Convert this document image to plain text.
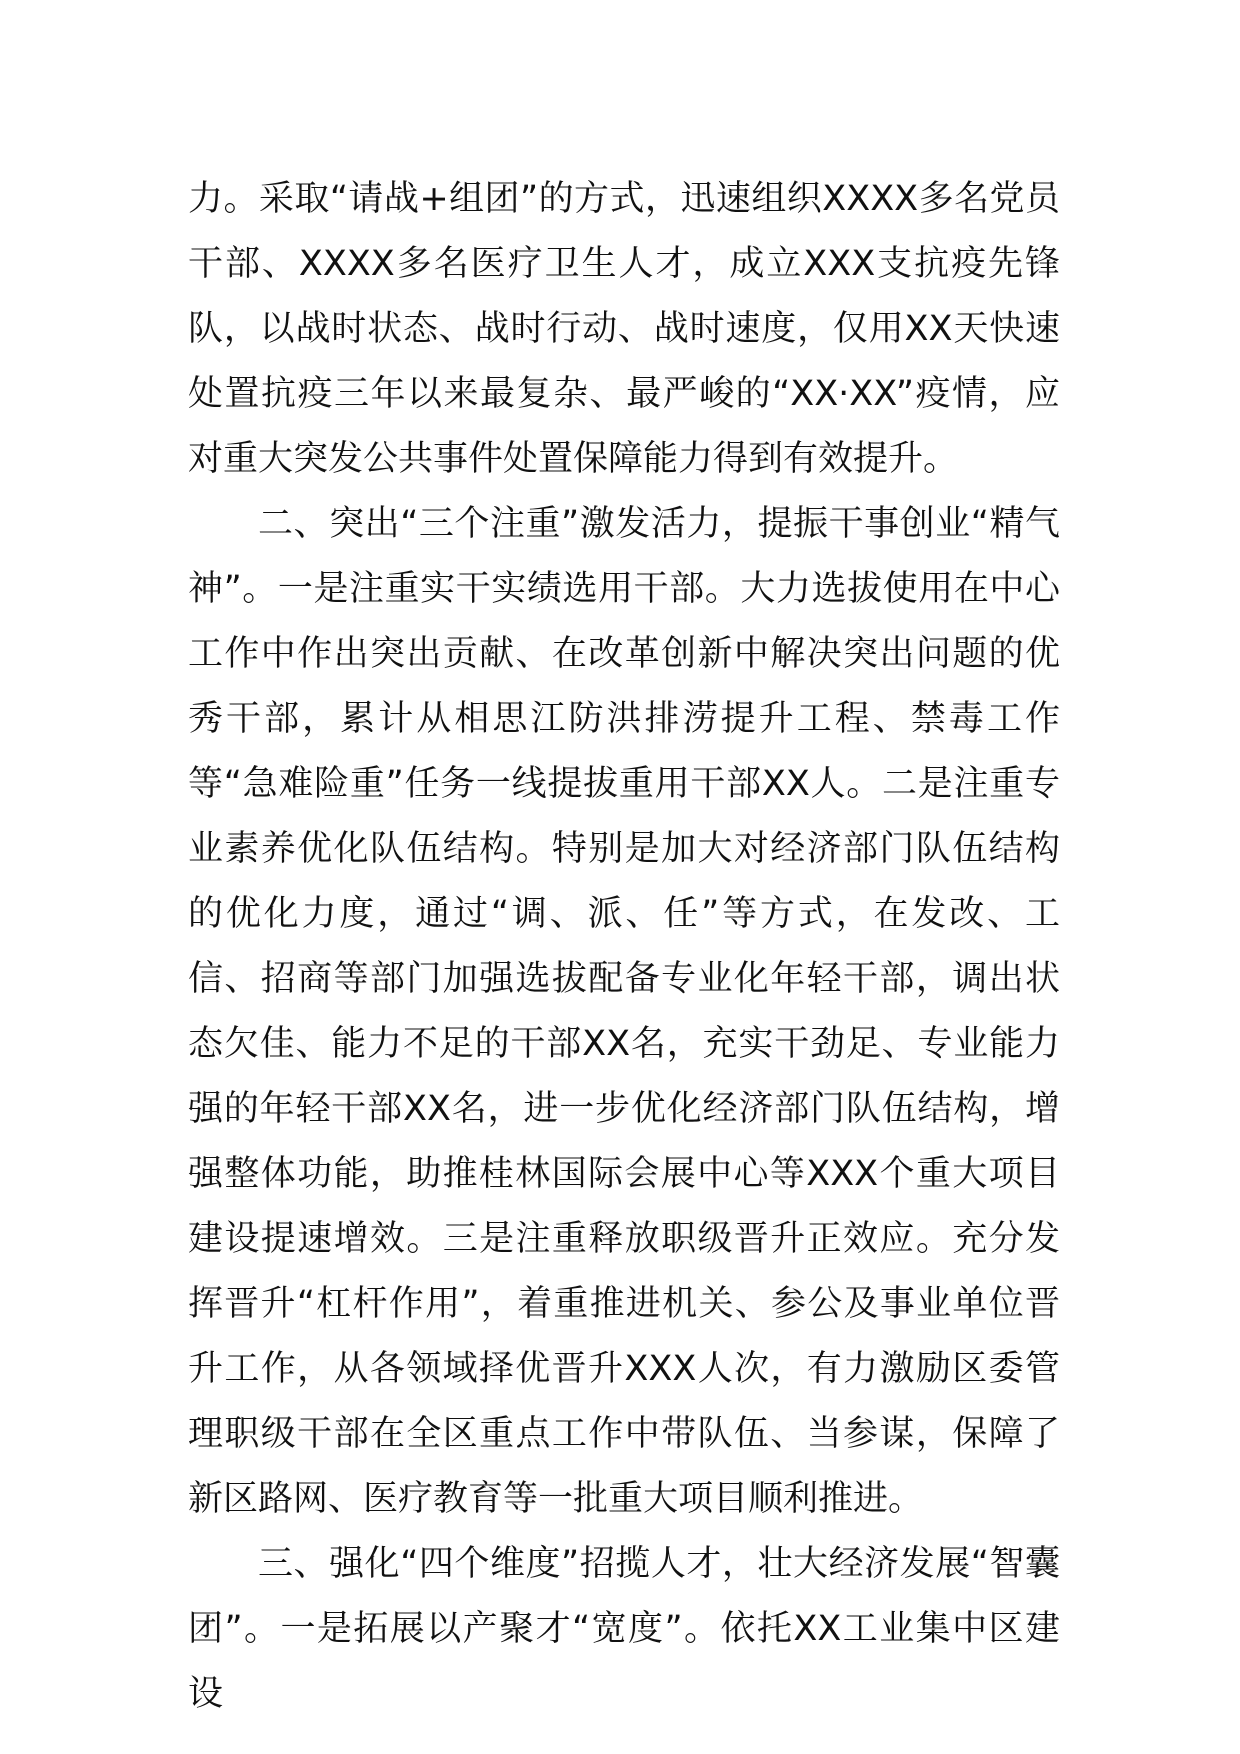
力。采取“请战+组团”的方式，迅速组织XXXX多名党员干部、XXXX多名医疗卫生人才，成立XXX支抗疫先锋队，以战时状态、战时行动、战时速度，仅用XX天快速处置抗疫三年以来最复杂、最严峻的“XX·XX”疫情，应对重大突发公共事件处置保障能力得到有效提升。

二、突出“三个注重”激发活力，提振干事创业“精气神”。一是注重实干实绩选用干部。大力选拔使用在中心工作中作出突出贡献、在改革创新中解决突出问题的优秀干部，累计从相思江防洪排涝提升工程、禁毒工作等“急难险重”任务一线提拔重用干部XX人。二是注重专业素养优化队伍结构。特别是加大对经济部门队伍结构的优化力度，通过“调、派、任”等方式，在发改、工信、招商等部门加强选拔配备专业化年轻干部，调出状态欠佳、能力不足的干部XX名，充实干劲足、专业能力强的年轻干部XX名，进一步优化经济部门队伍结构，增强整体功能，助推桂林国际会展中心等XXX个重大项目建设提速增效。三是注重释放职级晋升正效应。充分发挥晋升“杠杆作用”，着重推进机关、参公及事业单位晋升工作，从各领域择优晋升XXX人次，有力激励区委管理职级干部在全区重点工作中带队伍、当参谋，保障了新区路网、医疗教育等一批重大项目顺利推进。

三、强化“四个维度”招揽人才，壮大经济发展“智囊团”。一是拓展以产聚才“宽度”。依托XX工业集中区建设
